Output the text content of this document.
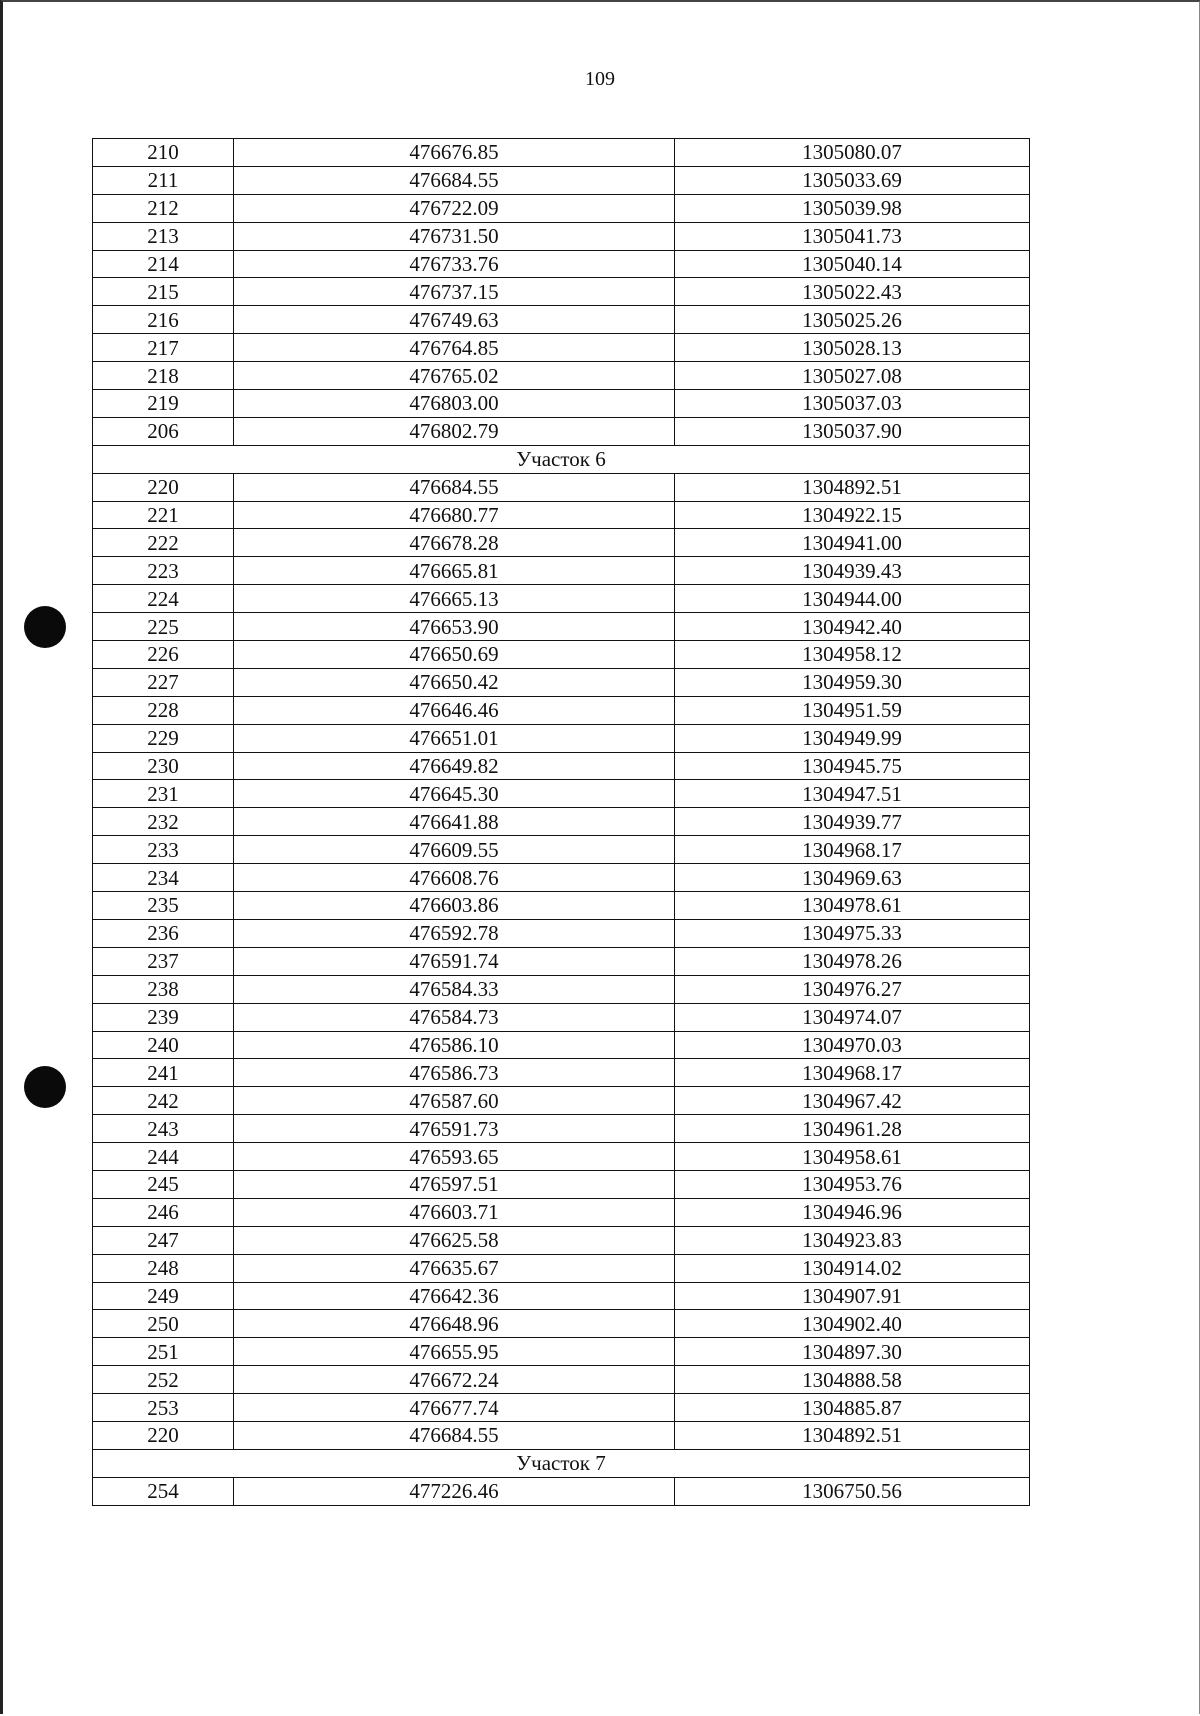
109
210	476676.85	1305080.07
211	476684.55	1305033.69
212	476722.09	1305039.98
213	476731.50	1305041.73
214	476733.76	1305040.14
215	476737.15	1305022.43
216	476749.63	1305025.26
217	476764.85	1305028.13
218	476765.02	1305027.08
219	476803.00	1305037.03
206	476802.79	1305037.90
Участок 6		
220	476684.55	1304892.51
221	476680.77	1304922.15
222	476678.28	1304941.00
223	476665.81	1304939.43
224	476665.13	1304944.00
225	476653.90	1304942.40
226	476650.69	1304958.12
227	476650.42	1304959.30
228	476646.46	1304951.59
229	476651.01	1304949.99
230	476649.82	1304945.75
231	476645.30	1304947.51
232	476641.88	1304939.77
233	476609.55	1304968.17
234	476608.76	1304969.63
235	476603.86	1304978.61
236	476592.78	1304975.33
237	476591.74	1304978.26
238	476584.33	1304976.27
239	476584.73	1304974.07
240	476586.10	1304970.03
241	476586.73	1304968.17
242	476587.60	1304967.42
243	476591.73	1304961.28
244	476593.65	1304958.61
245	476597.51	1304953.76
246	476603.71	1304946.96
247	476625.58	1304923.83
248	476635.67	1304914.02
249	476642.36	1304907.91
250	476648.96	1304902.40
251	476655.95	1304897.30
252	476672.24	1304888.58
253	476677.74	1304885.87
220	476684.55	1304892.51
Участок 7		
254	477226.46	1306750.56
